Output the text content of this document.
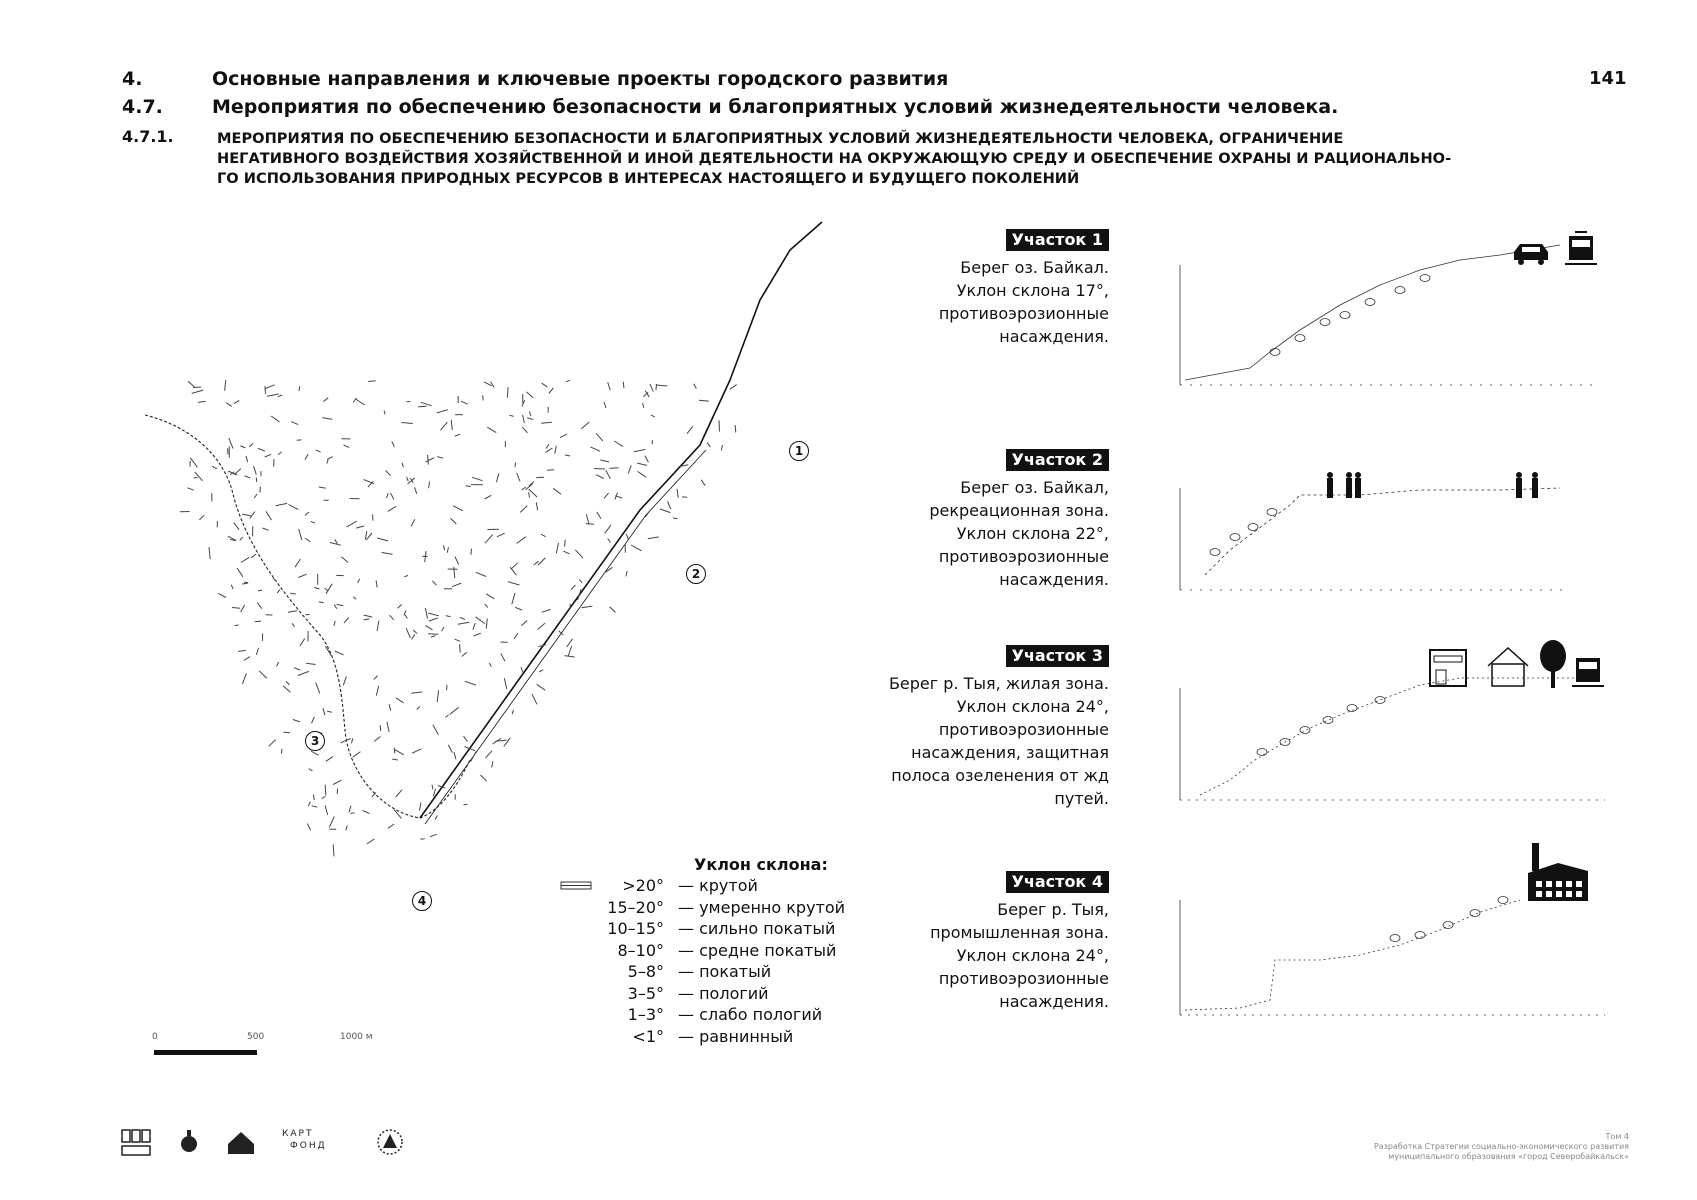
4.	Основные направления и ключевые проекты городского развития
4.7.	Мероприятия по обеспечению безопасности и благоприятных условий жизнедеятельности человека.
141
4.7.1.	МЕРОПРИЯТИЯ ПО ОБЕСПЕЧЕНИЮ БЕЗОПАСНОСТИ И БЛАГОПРИЯТНЫХ УСЛОВИЙ ЖИЗНЕДЕЯТЕЛЬНОСТИ ЧЕЛОВЕКА, ОГРАНИЧЕНИЕ
НЕГАТИВНОГО ВОЗДЕЙСТВИЯ ХОЗЯЙСТВЕННОЙ И ИНОЙ ДЕЯТЕЛЬНОСТИ НА ОКРУЖАЮЩУЮ СРЕДУ И ОБЕСПЕЧЕНИЕ ОХРАНЫ И РАЦИОНАЛЬНО-
ГО ИСПОЛЬЗОВАНИЯ ПРИРОДНЫХ РЕСУРСОВ В ИНТЕРЕСАХ НАСТОЯЩЕГО И БУДУЩЕГО ПОКОЛЕНИЙ
1
2
3
4
0	500	1000 м
Уклон склона:
>20° — крутой
15–20° — умеренно крутой
10–15° — сильно покатый
8–10° — средне покатый
5–8° — покатый
3–5° — пологий
1–3° — слабо пологий
<1° — равнинный
Участок 1
Берег оз. Байкал.
Уклон склона 17°,
противоэрозионные
насаждения.
Участок 2
Берег оз. Байкал,
рекреационная зона.
Уклон склона 22°,
противоэрозионные
насаждения.
Участок 3
Берег р. Тыя, жилая зона.
Уклон склона 24°,
противоэрозионные
насаждения, защитная
полоса озеленения от жд
путей.
Участок 4
Берег р. Тыя,
промышленная зона.
Уклон склона 24°,
противоэрозионные
насаждения.
КАРТ
ФОНД
Том 4
Разработка Стратегии социально-экономического развития
муниципального образования «город Северобайкальск»
